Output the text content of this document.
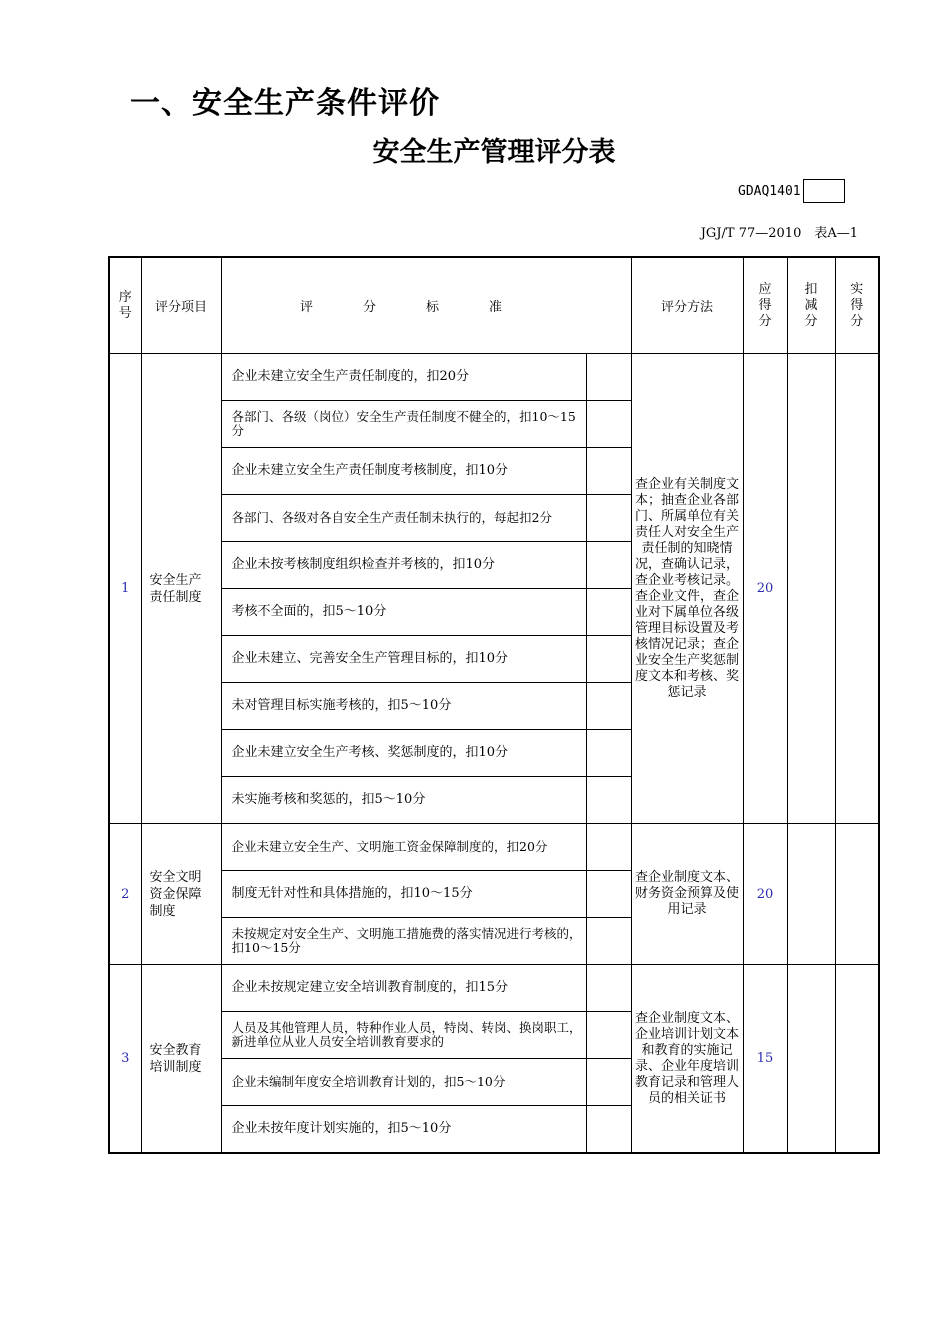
一、安全生产条件评价
安全生产管理评分表
GDAQ1401
JGJ/T 77—2010　表A—1
序号	评分项目	评分标准		评分方法	应得分	扣减分	实得分

1	安全生产责任制度	企业未建立安全生产责任制度的，扣20分		查企业有关制度文本；抽查企业各部门、所属单位有关责任人对安全生产责任制的知晓情况，查确认记录，查企业考核记录。查企业文件，查企业对下属单位各级管理目标设置及考核情况记录；查企业安全生产奖惩制度文本和考核、奖惩记录	20		
		各部门、各级（岗位）安全生产责任制度不健全的，扣10～15分					
		企业未建立安全生产责任制度考核制度，扣10分					
		各部门、各级对各自安全生产责任制未执行的，每起扣2分					
		企业未按考核制度组织检查并考核的，扣10分					
		考核不全面的，扣5～10分					
		企业未建立、完善安全生产管理目标的，扣10分					
		未对管理目标实施考核的，扣5～10分					
		企业未建立安全生产考核、奖惩制度的，扣10分					
		未实施考核和奖惩的，扣5～10分					
2	安全文明资金保障制度	企业未建立安全生产、文明施工资金保障制度的，扣20分		查企业制度文本、财务资金预算及使用记录	20		
		制度无针对性和具体措施的，扣10～15分					
		未按规定对安全生产、文明施工措施费的落实情况进行考核的，扣10～15分					
3	安全教育培训制度	企业未按规定建立安全培训教育制度的，扣15分		查企业制度文本、企业培训计划文本和教育的实施记录、企业年度培训教育记录和管理人员的相关证书	15		
		人员及其他管理人员，特种作业人员，特岗、转岗、换岗职工，新进单位从业人员安全培训教育要求的					
		企业未编制年度安全培训教育计划的，扣5～10分					
		企业未按年度计划实施的，扣5～10分					
